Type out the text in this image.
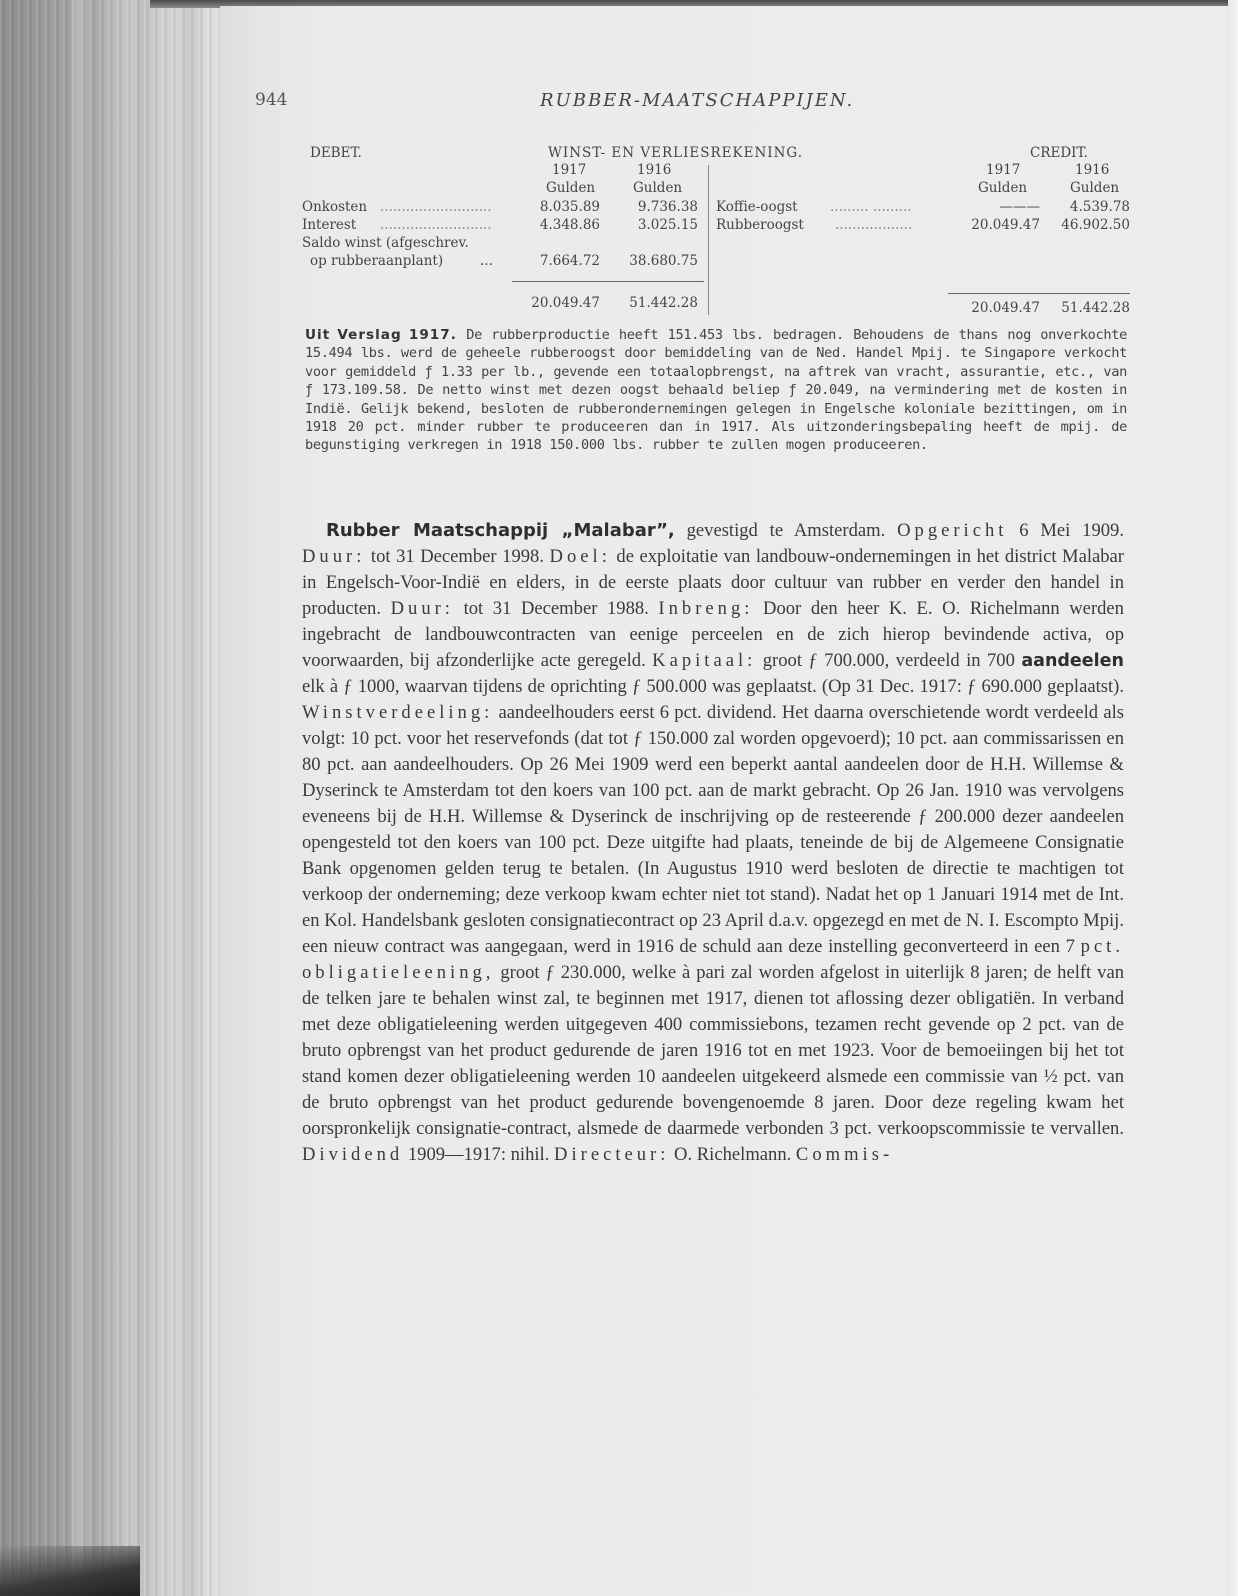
944	RUBBER-MAATSCHAPPIJEN.
DEBET.	WINST- EN VERLIESREKENING.	CREDIT.
1917	1916
Gulden	Gulden
1917	1916
Gulden	Gulden
Onkosten ..........................	8.035.89	9.736.38
Interest ..........................	4.348.86	3.025.15
Saldo winst (afgeschrev.
op rubberaanplant)	...	7.664.72	38.680.75
20.049.47	51.442.28
Koffie-oogst ......... .........	———	4.539.78
Rubberoogst ..................	20.049.47	46.902.50
20.049.47	51.442.28
Uit Verslag 1917. De rubberproductie heeft 151.453 lbs. bedragen. Behoudens de thans nog onverkochte 15.494 lbs. werd de geheele rubberoogst door bemiddeling van de Ned. Handel Mpij. te Singapore verkocht voor gemiddeld ƒ 1.33 per lb., gevende een totaalopbrengst, na aftrek van vracht, assurantie, etc., van ƒ 173.109.58. De netto winst met dezen oogst behaald beliep ƒ 20.049, na vermindering met de kosten in Indië. Gelijk bekend, besloten de rubberondernemingen gelegen in Engelsche koloniale bezittingen, om in 1918 20 pct. minder rubber te produceeren dan in 1917. Als uitzonderingsbepaling heeft de mpij. de begunstiging verkregen in 1918 150.000 lbs. rubber te zullen mogen produceeren.

Rubber Maatschappij „Malabar”, gevestigd te Amsterdam. Opgericht 6 Mei 1909. Duur: tot 31 December 1998. Doel: de exploitatie van landbouw-ondernemingen in het district Malabar in Engelsch-Voor-Indië en elders, in de eerste plaats door cultuur van rubber en verder den handel in producten. Duur: tot 31 December 1988. Inbreng: Door den heer K. E. O. Richelmann werden ingebracht de landbouwcontracten van eenige perceelen en de zich hierop bevindende activa, op voorwaarden, bij afzonderlijke acte geregeld. Kapitaal: groot ƒ 700.000, verdeeld in 700 aandeelen elk à ƒ 1000, waarvan tijdens de oprichting ƒ 500.000 was geplaatst. (Op 31 Dec. 1917: ƒ 690.000 geplaatst). Winstverdeeling: aandeelhouders eerst 6 pct. dividend. Het daarna overschietende wordt verdeeld als volgt: 10 pct. voor het reservefonds (dat tot ƒ 150.000 zal worden opgevoerd); 10 pct. aan commissarissen en 80 pct. aan aandeelhouders. Op 26 Mei 1909 werd een beperkt aantal aandeelen door de H.H. Willemse & Dyserinck te Amsterdam tot den koers van 100 pct. aan de markt gebracht. Op 26 Jan. 1910 was vervolgens eveneens bij de H.H. Willemse & Dyserinck de inschrijving op de resteerende ƒ 200.000 dezer aandeelen opengesteld tot den koers van 100 pct. Deze uitgifte had plaats, teneinde de bij de Algemeene Consignatie Bank opgenomen gelden terug te betalen. (In Augustus 1910 werd besloten de directie te machtigen tot verkoop der onderneming; deze verkoop kwam echter niet tot stand). Nadat het op 1 Januari 1914 met de Int. en Kol. Handelsbank gesloten consignatiecontract op 23 April d.a.v. opgezegd en met de N. I. Escompto Mpij. een nieuw contract was aangegaan, werd in 1916 de schuld aan deze instelling geconverteerd in een 7 pct. obligatieleening, groot ƒ 230.000, welke à pari zal worden afgelost in uiterlijk 8 jaren; de helft van de telken jare te behalen winst zal, te beginnen met 1917, dienen tot aflossing dezer obligatiën. In verband met deze obligatieleening werden uitgegeven 400 commissiebons, tezamen recht gevende op 2 pct. van de bruto opbrengst van het product gedurende de jaren 1916 tot en met 1923. Voor de bemoeiingen bij het tot stand komen dezer obligatieleening werden 10 aandeelen uitgekeerd alsmede een commissie van ½ pct. van de bruto opbrengst van het product gedurende bovengenoemde 8 jaren. Door deze regeling kwam het oorspronkelijk consignatie-contract, alsmede de daarmede verbonden 3 pct. verkoopscommissie te vervallen. Dividend 1909—1917: nihil. Directeur: O. Richelmann. Commis-
